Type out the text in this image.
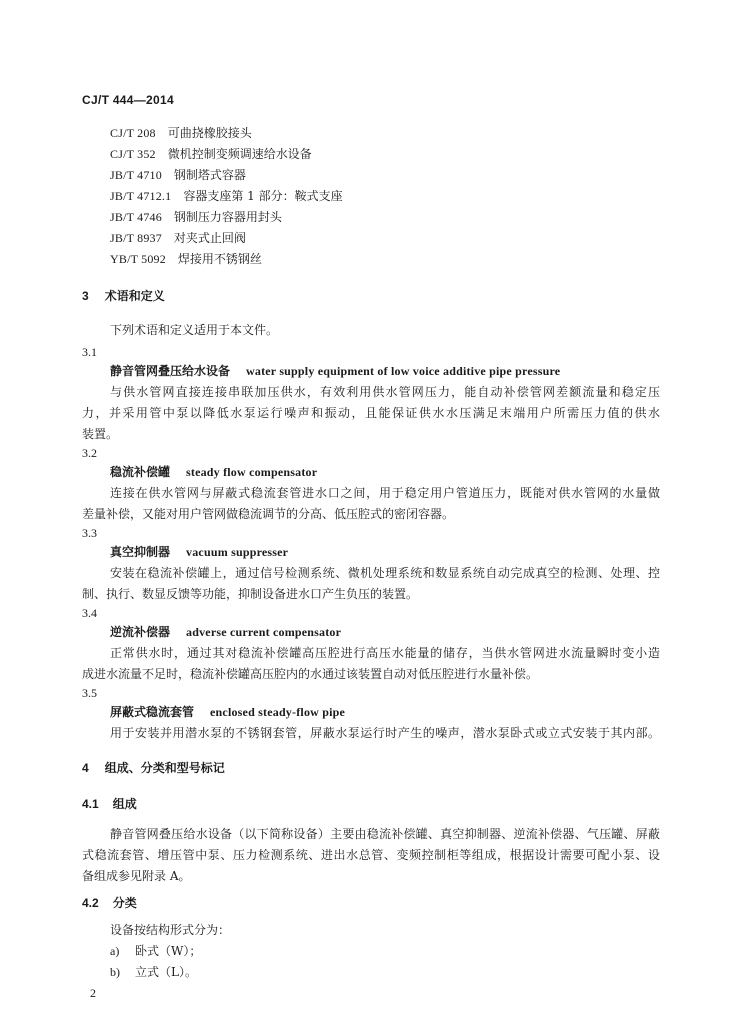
CJ/T 444—2014
CJ/T 208 可曲挠橡胶接头
CJ/T 352 微机控制变频调速给水设备
JB/T 4710 钢制塔式容器
JB/T 4712.1 容器支座第 1 部分：鞍式支座
JB/T 4746 钢制压力容器用封头
JB/T 8937 对夹式止回阀
YB/T 5092 焊接用不锈钢丝
3 术语和定义
下列术语和定义适用于本文件。
3.1
静音管网叠压给水设备 water supply equipment of low voice additive pipe pressure
与供水管网直接连接串联加压供水，有效利用供水管网压力，能自动补偿管网差额流量和稳定压
力，并采用管中泵以降低水泵运行噪声和振动，且能保证供水水压满足末端用户所需压力值的供水
装置。
3.2
稳流补偿罐 steady flow compensator
连接在供水管网与屏蔽式稳流套管进水口之间，用于稳定用户管道压力，既能对供水管网的水量做
差量补偿，又能对用户管网做稳流调节的分高、低压腔式的密闭容器。
3.3
真空抑制器 vacuum suppresser
安装在稳流补偿罐上，通过信号检测系统、微机处理系统和数显系统自动完成真空的检测、处理、控
制、执行、数显反馈等功能，抑制设备进水口产生负压的装置。
3.4
逆流补偿器 adverse current compensator
正常供水时，通过其对稳流补偿罐高压腔进行高压水能量的储存，当供水管网进水流量瞬时变小造
成进水流量不足时，稳流补偿罐高压腔内的水通过该装置自动对低压腔进行水量补偿。
3.5
屏蔽式稳流套管 enclosed steady-flow pipe
用于安装并用潜水泵的不锈钢套管，屏蔽水泵运行时产生的噪声，潜水泵卧式或立式安装于其内部。
4 组成、分类和型号标记
4.1 组成
静音管网叠压给水设备（以下简称设备）主要由稳流补偿罐、真空抑制器、逆流补偿器、气压罐、屏蔽
式稳流套管、增压管中泵、压力检测系统、进出水总管、变频控制柜等组成，根据设计需要可配小泵、设
备组成参见附录 A。
4.2 分类
设备按结构形式分为：
a) 卧式（W）；
b) 立式（L）。
2
